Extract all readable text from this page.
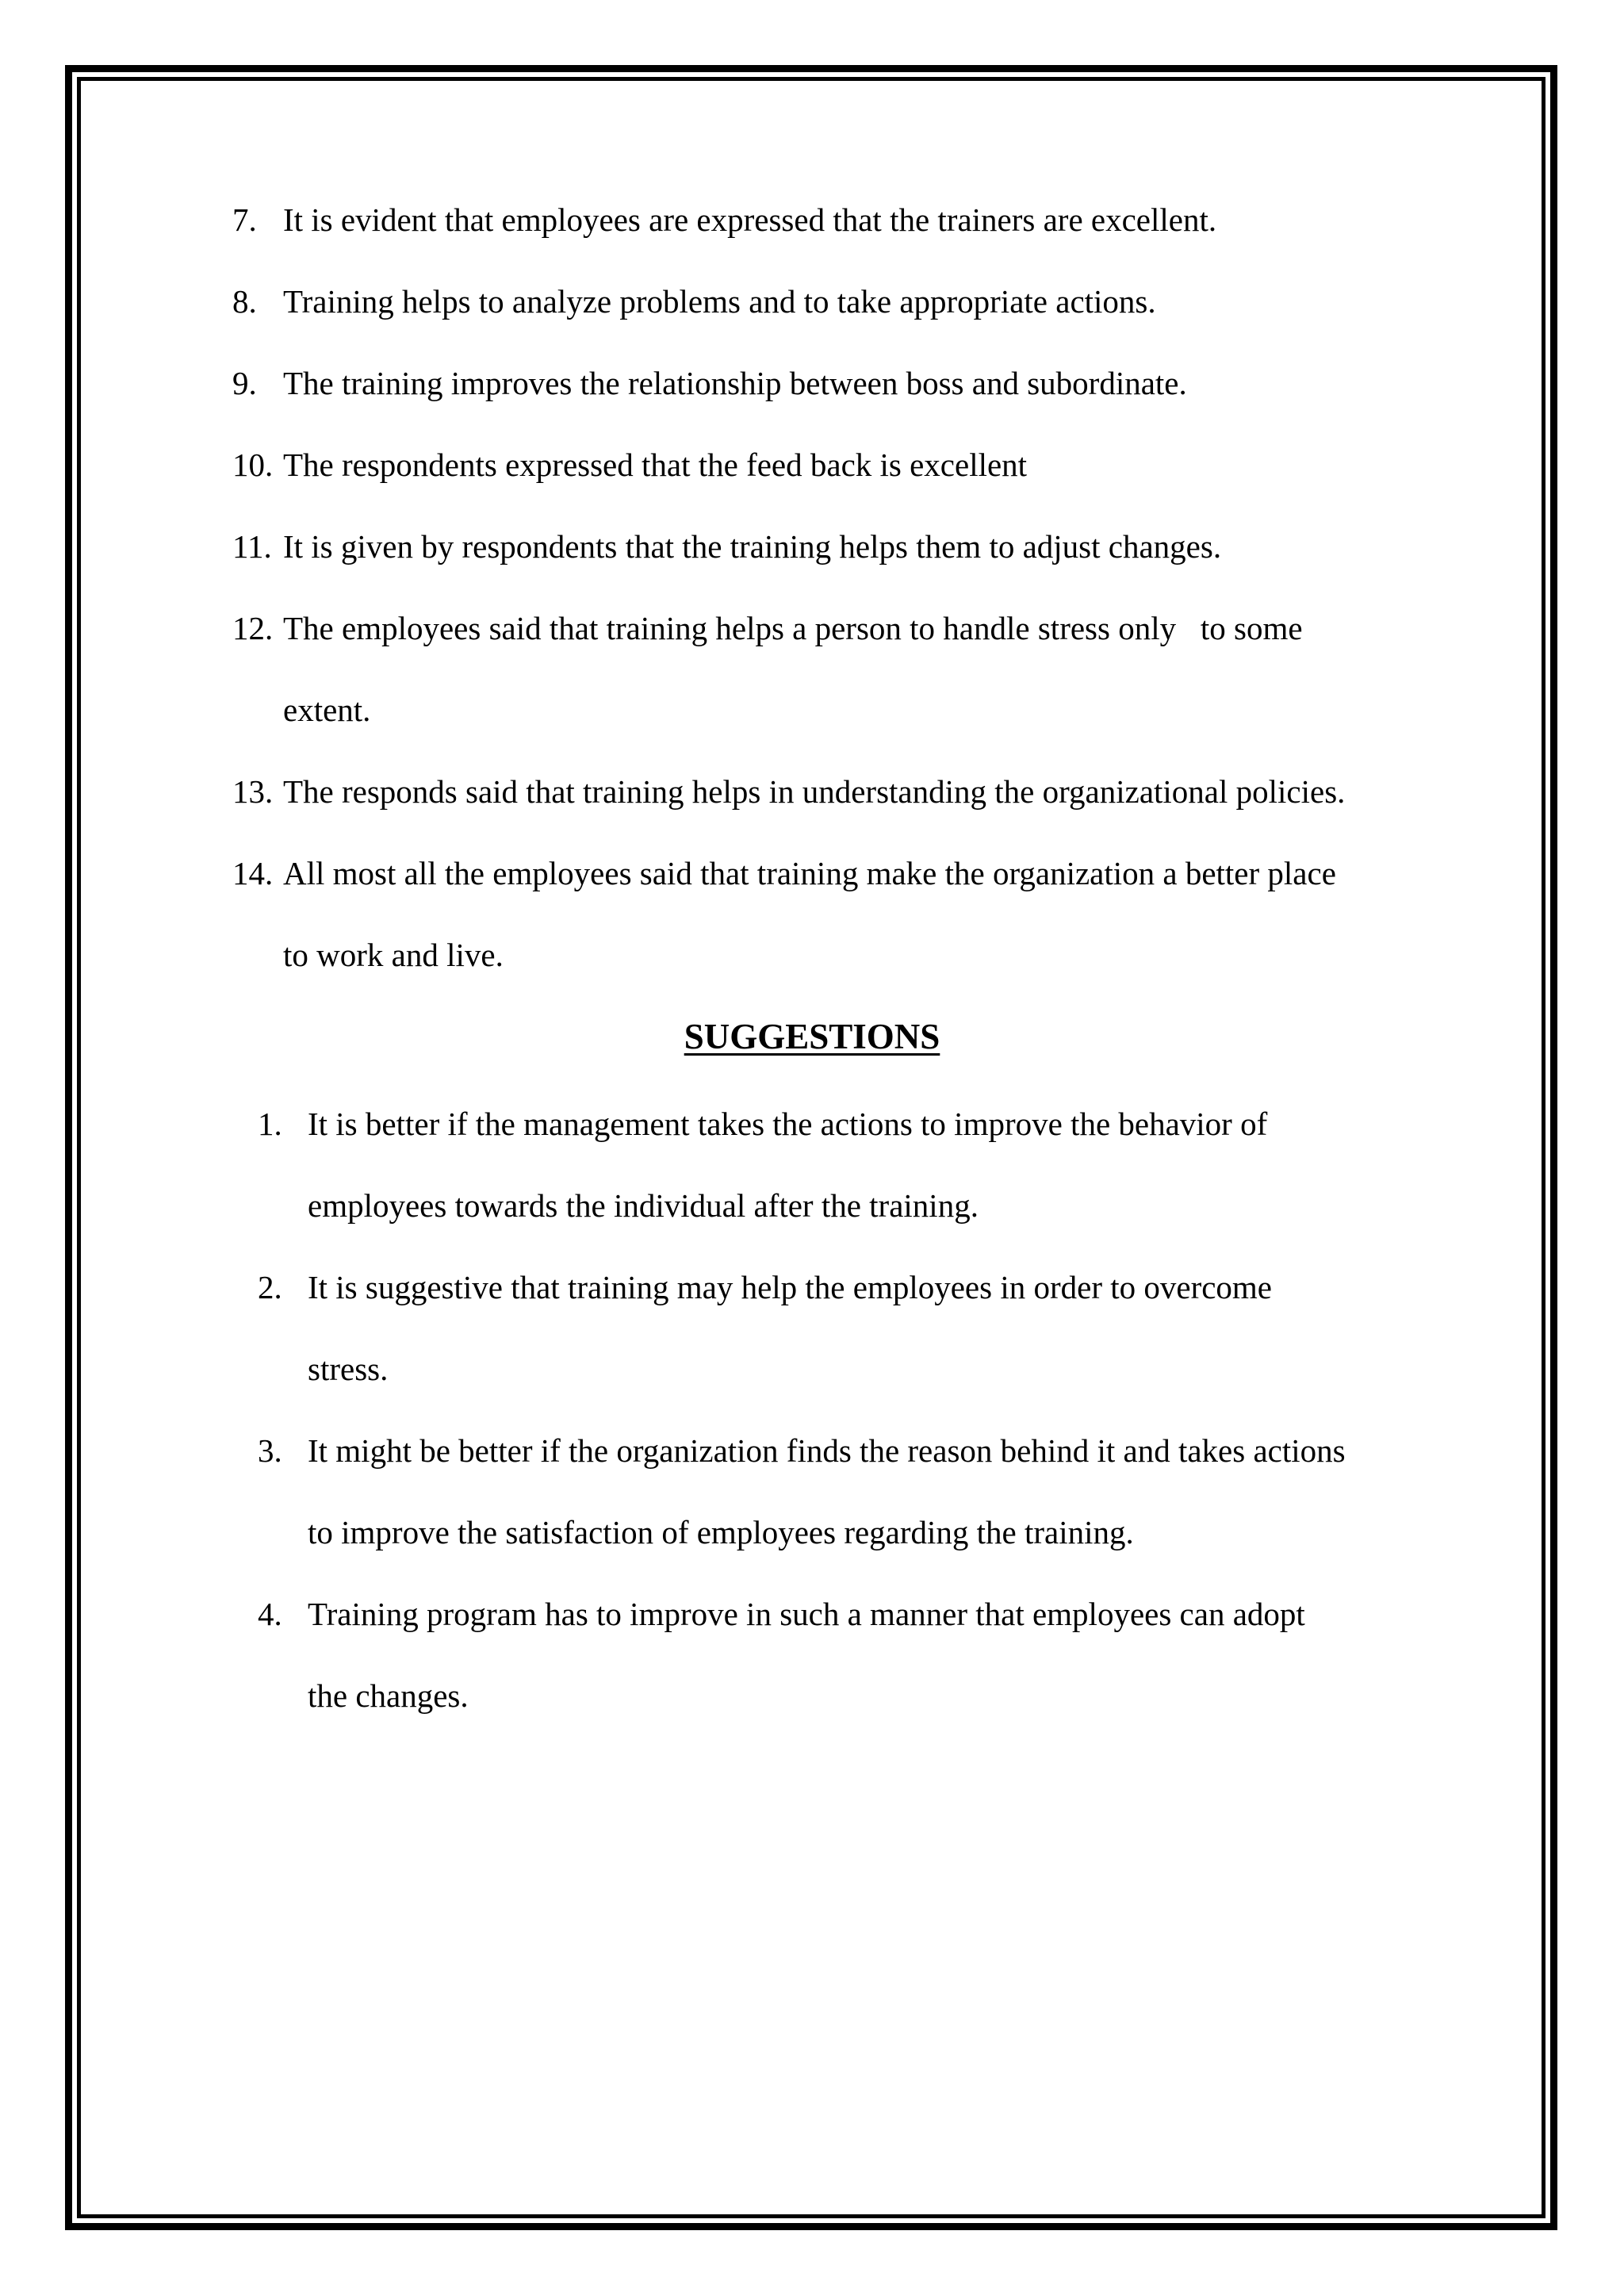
7. It is evident that employees are expressed that the trainers are excellent.
8. Training helps to analyze problems and to take appropriate actions.
9. The training improves the relationship between boss and subordinate.
10. The respondents expressed that the feed back is excellent
11. It is given by respondents that the training helps them to adjust changes.
12. The employees said that training helps a person to handle stress only   to some
extent.
13. The responds said that training helps in understanding the organizational policies.
14. All most all the employees said that training make the organization a better place
to work and live.
SUGGESTIONS
1. It is better if the management takes the actions to improve the behavior of
employees towards the individual after the training.
2. It is suggestive that training may help the employees in order to overcome
stress.
3. It might be better if the organization finds the reason behind it and takes actions
to improve the satisfaction of employees regarding the training.
4. Training program has to improve in such a manner that employees can adopt
the changes.
